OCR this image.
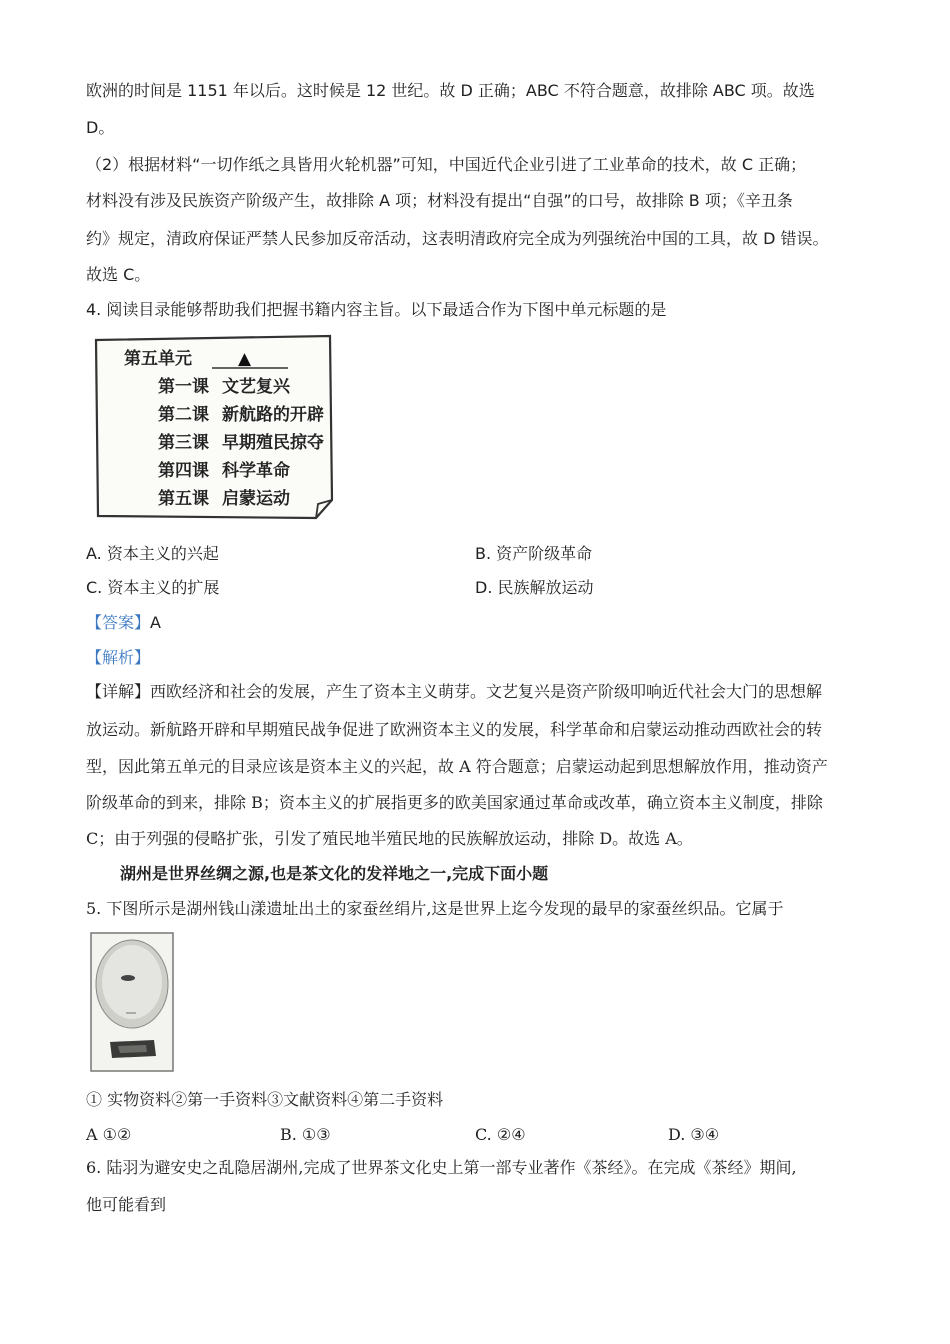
欧洲的时间是 1151 年以后。这时候是 12 世纪。故 D 正确；ABC 不符合题意，故排除 ABC 项。故选
D。
（2）根据材料“一切作纸之具皆用火轮机器”可知，中国近代企业引进了工业革命的技术，故 C 正确；
材料没有涉及民族资产阶级产生，故排除 A 项；材料没有提出“自强”的口号，故排除 B 项；《辛丑条
约》规定，清政府保证严禁人民参加反帝活动，这表明清政府完全成为列强统治中国的工具，故 D 错误。
故选 C。
4. 阅读目录能够帮助我们把握书籍内容主旨。以下最适合作为下图中单元标题的是
第五单元	▲
第一课 文艺复兴
第二课 新航路的开辟
第三课 早期殖民掠夺
第四课 科学革命
第五课 启蒙运动
A. 资本主义的兴起	B. 资产阶级革命
C. 资本主义的扩展	D. 民族解放运动
【答案】A
【解析】
【详解】西欧经济和社会的发展，产生了资本主义萌芽。文艺复兴是资产阶级叩响近代社会大门的思想解
放运动。新航路开辟和早期殖民战争促进了欧洲资本主义的发展，科学革命和启蒙运动推动西欧社会的转
型，因此第五单元的目录应该是资本主义的兴起，故 A 符合题意；启蒙运动起到思想解放作用，推动资产
阶级革命的到来，排除 B；资本主义的扩展指更多的欧美国家通过革命或改革，确立资本主义制度，排除
C；由于列强的侵略扩张，引发了殖民地半殖民地的民族解放运动，排除 D。故选 A。
湖州是世界丝绸之源,也是茶文化的发祥地之一,完成下面小题
5. 下图所示是湖州钱山漾遗址出土的家蚕丝绢片,这是世界上迄今发现的最早的家蚕丝织品。它属于
① 实物资料②第一手资料③文献资料④第二手资料
A ①②	B. ①③	C. ②④	D. ③④
6. 陆羽为避安史之乱隐居湖州,完成了世界茶文化史上第一部专业著作《茶经》。在完成《茶经》期间,
他可能看到
